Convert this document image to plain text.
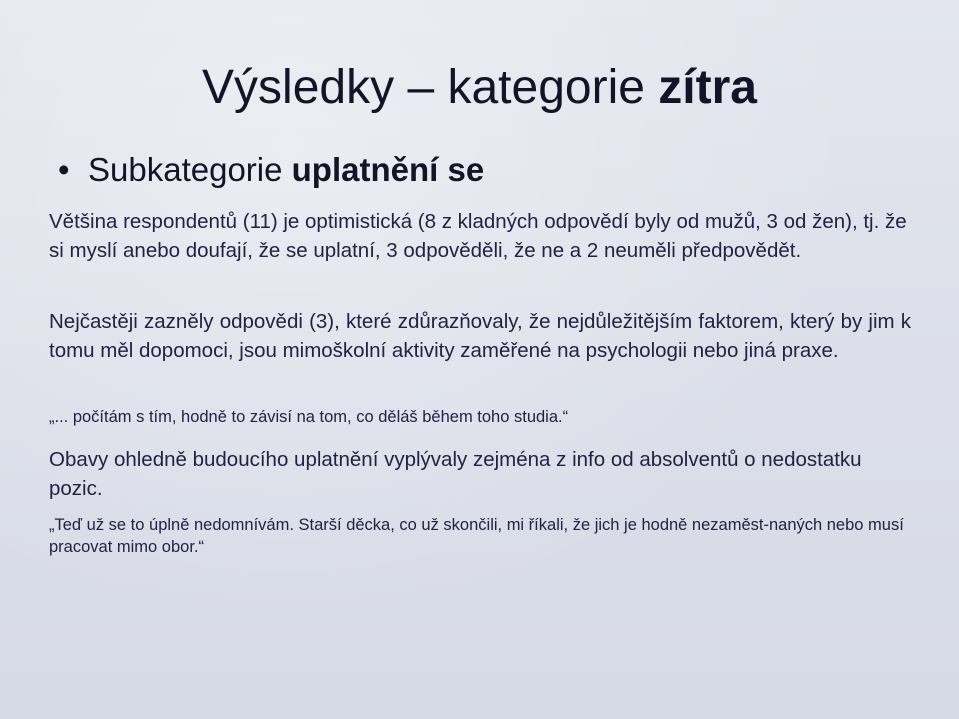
Výsledky – kategorie zítra
• Subkategorie uplatnění se
Většina respondentů (11) je optimistická (8 z kladných odpovědí byly od mužů, 3 od žen), tj. že si myslí anebo doufají, že se uplatní, 3 odpověděli, že ne a 2 neuměli předpovědět.
Nejčastěji zazněly odpovědi (3), které zdůrazňovaly, že nejdůležitějším faktorem, který by jim k tomu měl dopomoci, jsou mimoškolní aktivity zaměřené na psychologii nebo jiná praxe.
„... počítám s tím, hodně to závisí na tom, co děláš během toho studia.“
Obavy ohledně budoucího uplatnění vyplývaly zejména z info od absolventů o nedostatku pozic.
„Teď už se to úplně nedomnívám. Starší děcka, co už skončili, mi říkali, že jich je hodně nezaměst-naných nebo musí pracovat mimo obor.“
